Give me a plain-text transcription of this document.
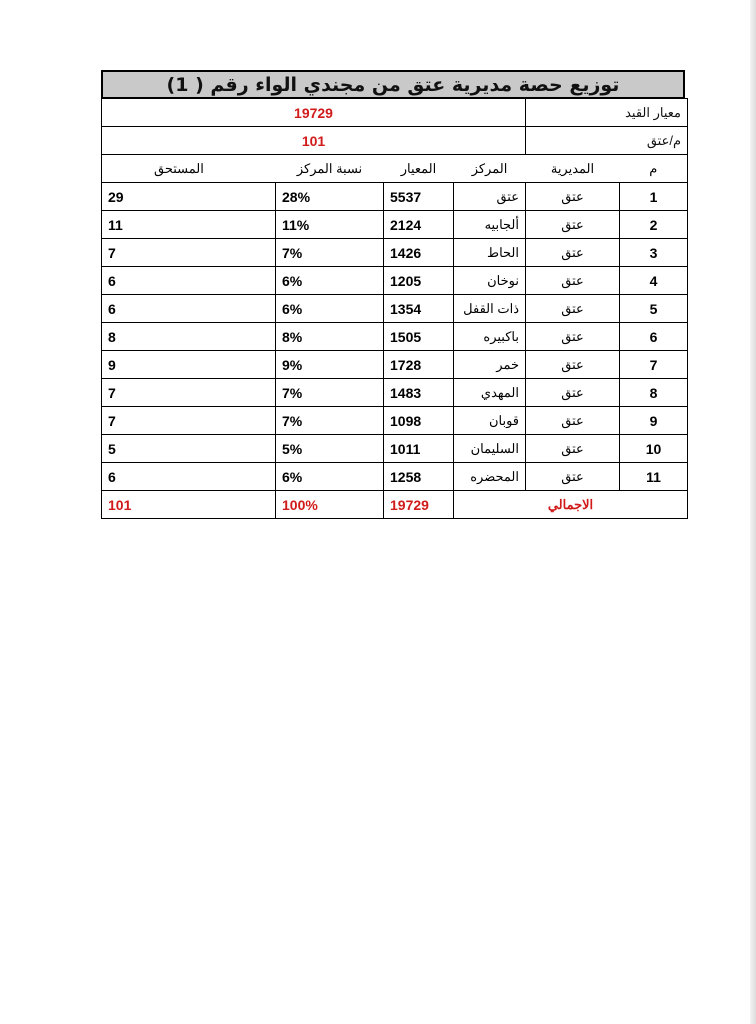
توزيع حصة مديرية عتق من مجندي الواء رقم ( 1)
معيار القيد		19729			
م/عتق		101			
م	المديرية	المركز	المعيار	نسبة المركز	المستحق
1	عتق	عتق	5537	28%	29
2	عتق	ألجابيه	2124	11%	11
3	عتق	الحاط	1426	7%	7
4	عتق	نوخان	1205	6%	6
5	عتق	ذات القفل	1354	6%	6
6	عتق	باكبيره	1505	8%	8
7	عتق	خمر	1728	9%	9
8	عتق	المهدي	1483	7%	7
9	عتق	قوبان	1098	7%	7
10	عتق	السليمان	1011	5%	5
11	عتق	المحضره	1258	6%	6
الاجمالي			19729	100%	101
